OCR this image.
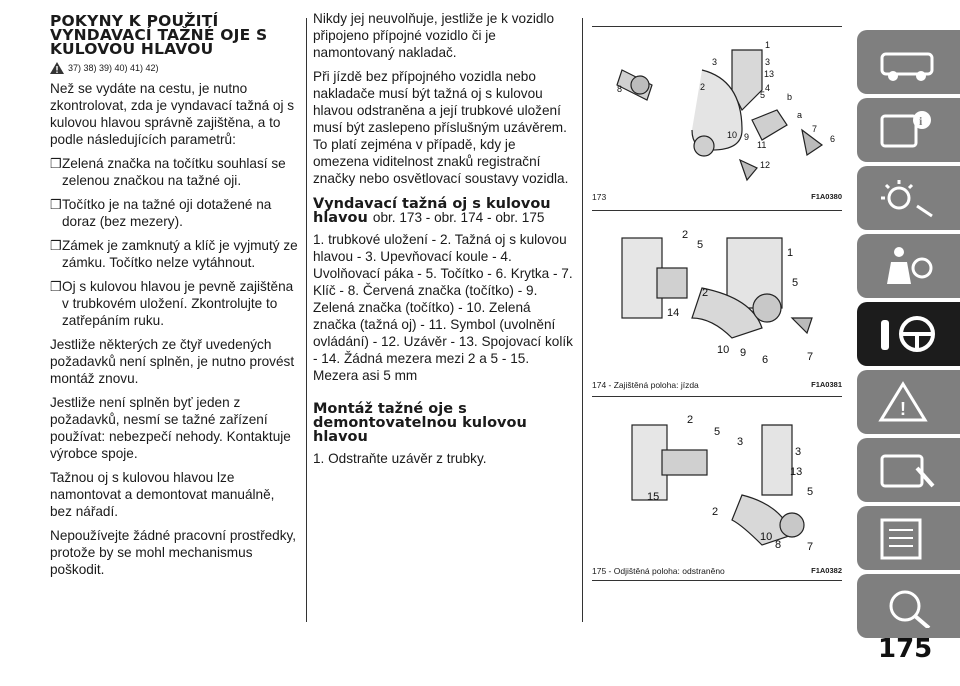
POKYNY K POUŽITÍ VYNDAVACÍ TAŽNÉ OJE S KULOVOU HLAVOU
37) 38) 39) 40) 41) 42)

Než se vydáte na cestu, je nutno zkontrolovat, zda je vyndavací tažná oj s kulovou hlavou správně zajištěna, a to podle následujících parametrů:

❒ Zelená značka na točítku souhlasí se zelenou značkou na tažné oji.
❒ Točítko je na tažné oji dotažené na doraz (bez mezery).
❒ Zámek je zamknutý a klíč je vyjmutý ze zámku. Točítko nelze vytáhnout.
❒ Oj s kulovou hlavou je pevně zajištěna v trubkovém uložení. Zkontrolujte to zatřepáním ruku.

Jestliže některých ze čtyř uvedených požadavků není splněn, je nutno provést montáž znovu.

Jestliže není splněn byť jeden z požadavků, nesmí se tažné zařízení používat: nebezpečí nehody. Kontaktuje výrobce spoje.

Tažnou oj s kulovou hlavou lze namontovat a demontovat manuálně, bez nářadí.

Nepoužívejte žádné pracovní prostředky, protože by se mohl mechanismus poškodit.

Nikdy jej neuvolňuje, jestliže je k vozidlo připojeno přípojné vozidlo či je namontovaný nakladač.

Při jízdě bez přípojného vozidla nebo nakladače musí být tažná oj s kulovou hlavou odstraněna a její trubkové uložení musí být zaslepeno příslušným uzávěrem. To platí zejména v případě, kdy je omezena viditelnost znaků registrační značky nebo osvětlovací soustavy vozidla.

Vyndavací tažná oj s kulovou hlavou obr. 173 - obr. 174 - obr. 175

1. trubkové uložení - 2. Tažná oj s kulovou hlavou - 3. Upevňovací koule - 4. Uvolňovací páka - 5. Točítko - 6. Krytka - 7. Klíč - 8. Červená značka (točítko) - 9. Zelená značka (točítko) - 10. Zelená značka (tažná oj) - 11. Symbol (uvolnění ovládání) - 12. Uzávěr - 13. Spojovací kolík - 14. Žádná mezera mezi 2 a 5 - 15. Mezera asi 5 mm

Montáž tažné oje s demontovatelnou kulovou hlavou

1. Odstraňte uzávěr z trubky.

1
3	3
13
5
4
b
a
7
6
2
8
10 9
11
12
173	F1A0380
2
5
1
5
2
14
10 9
6	7
174 - Zajištěná poloha: jízda	F1A0381
2
5
3
3
13
5
15
2
10
8 7
175 - Odjištěná poloha: odstraněno	F1A0382
i
!
175
